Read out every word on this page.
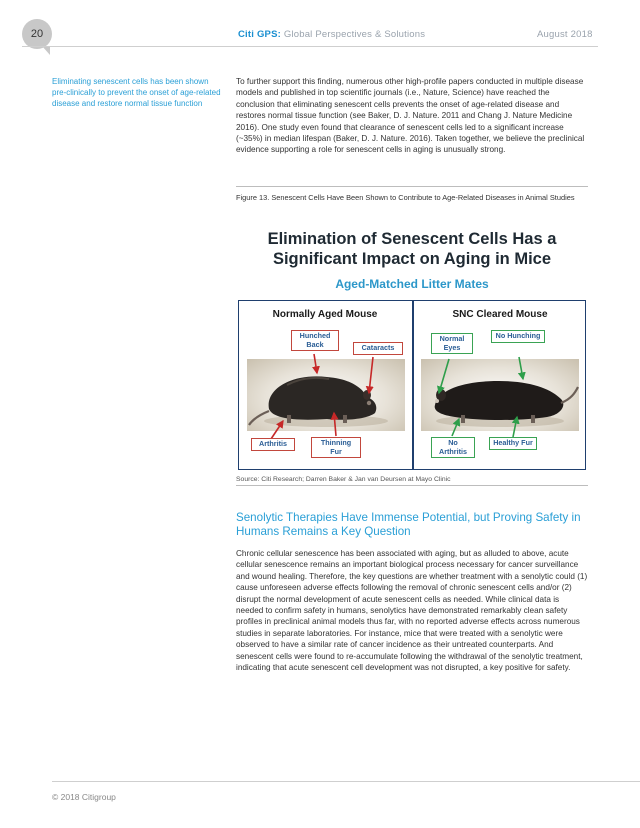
20	Citi GPS: Global Perspectives & Solutions	August 2018
Eliminating senescent cells has been shown pre-clinically to prevent the onset of age-related disease and restore normal tissue function
To further support this finding, numerous other high-profile papers conducted in multiple disease models and published in top scientific journals (i.e., Nature, Science) have reached the conclusion that eliminating senescent cells prevents the onset of age-related disease and restores normal tissue function (see Baker, D. J. Nature. 2011 and Chang J. Nature Medicine 2016). One study even found that clearance of senescent cells led to a significant increase (~35%) in median lifespan (Baker, D. J. Nature. 2016). Taken together, we believe the preclinical evidence supporting a role for senescent cells in aging is unusually strong.
Figure 13. Senescent Cells Have Been Shown to Contribute to Age-Related Diseases in Animal Studies
Elimination of Senescent Cells Has a Significant Impact on Aging in Mice
Aged-Matched Litter Mates
Normally Aged Mouse	SNC Cleared Mouse
Hunched Back	Cataracts
Arthritis	Thinning Fur
Normal Eyes
No Hunching
No Arthritis
Healthy Fur
Source: Citi Research; Darren Baker & Jan van Deursen at Mayo Clinic
Senolytic Therapies Have Immense Potential, but Proving Safety in Humans Remains a Key Question
Chronic cellular senescence has been associated with aging, but as alluded to above, acute cellular senescence remains an important biological process necessary for cancer surveillance and wound healing. Therefore, the key questions are whether treatment with a senolytic could (1) cause unforeseen adverse effects following the removal of chronic senescent cells and/or (2) disrupt the normal development of acute senescent cells as needed. While clinical data is needed to confirm safety in humans, senolytics have demonstrated remarkably clean safety profiles in preclinical animal models thus far, with no reported adverse effects across numerous studies in separate laboratories. For instance, mice that were treated with a senolytic were observed to have a similar rate of cancer incidence as their untreated counterparts. And senescent cells were found to re-accumulate following the withdrawal of the senolytic treatment, indicating that acute senescent cell development was not disrupted, a key positive for safety.
© 2018 Citigroup
